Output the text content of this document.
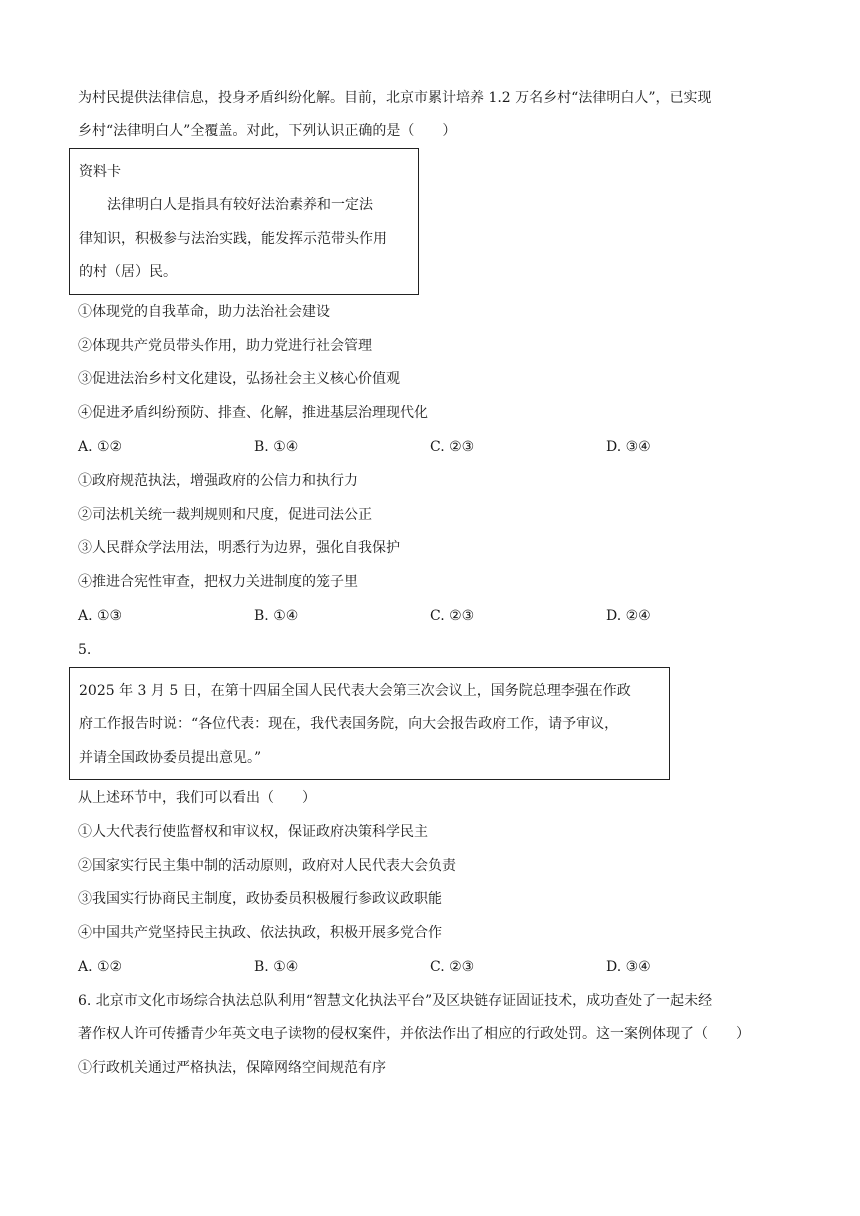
为村民提供法律信息，投身矛盾纠纷化解。目前，北京市累计培养 1.2 万名乡村“法律明白人”，已实现
乡村“法律明白人”全覆盖。对此，下列认识正确的是（　　）
资料卡
　　法律明白人是指具有较好法治素养和一定法
律知识，积极参与法治实践，能发挥示范带头作用
的村（居）民。
①体现党的自我革命，助力法治社会建设
②体现共产党员带头作用，助力党进行社会管理
③促进法治乡村文化建设，弘扬社会主义核心价值观
④促进矛盾纠纷预防、排查、化解，推进基层治理现代化
A. ①②	B. ①④	C. ②③	D. ③④
①政府规范执法，增强政府的公信力和执行力
②司法机关统一裁判规则和尺度，促进司法公正
③人民群众学法用法，明悉行为边界，强化自我保护
④推进合宪性审查，把权力关进制度的笼子里
A. ①③	B. ①④	C. ②③	D. ②④
5.
2025 年 3 月 5 日，在第十四届全国人民代表大会第三次会议上，国务院总理李强在作政
府工作报告时说：“各位代表：现在，我代表国务院，向大会报告政府工作，请予审议，
并请全国政协委员提出意见。”
从上述环节中，我们可以看出（　　）
①人大代表行使监督权和审议权，保证政府决策科学民主
②国家实行民主集中制的活动原则，政府对人民代表大会负责
③我国实行协商民主制度，政协委员积极履行参政议政职能
④中国共产党坚持民主执政、依法执政，积极开展多党合作
A. ①②	B. ①④	C. ②③	D. ③④
6. 北京市文化市场综合执法总队利用“智慧文化执法平台”及区块链存证固证技术，成功查处了一起未经
著作权人许可传播青少年英文电子读物的侵权案件，并依法作出了相应的行政处罚。这一案例体现了（　　）
①行政机关通过严格执法，保障网络空间规范有序
